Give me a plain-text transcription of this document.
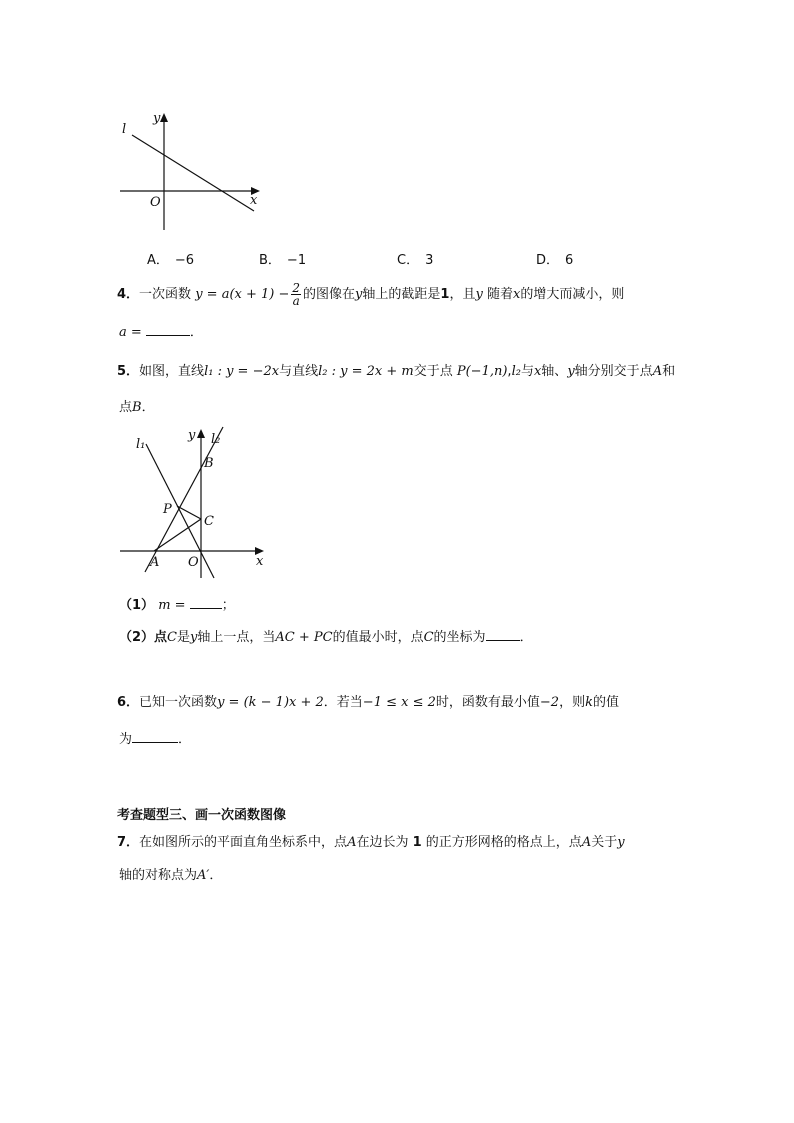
l
y
x
O
A． −6	B． −1	C． 3	D． 6
4．一次函数 $y = a(x + 1) - \frac{2}{a}$ 的图像在y轴上的截距是1，且y 随着x的增大而减小，则
a =	．
5．如图，直线l₁ : y = −2x与直线l₂ : y = 2x + m交于点 P(−1,n),l₂与x轴、y轴分别交于点A和
点B．
l₁	l₂
y
x
B
P
C
A O
（1） m =	；
（2）点C是y轴上一点，当AC + PC的值最小时，点C的坐标为	．
6．已知一次函数y = (k − 1)x + 2．若当−1 ≤ x ≤ 2时，函数有最小值−2，则k的值
为	．
考查题型三、画一次函数图像
7．在如图所示的平面直角坐标系中，点A在边长为 1 的正方形网格的格点上，点A关于y
轴的对称点为A′．
